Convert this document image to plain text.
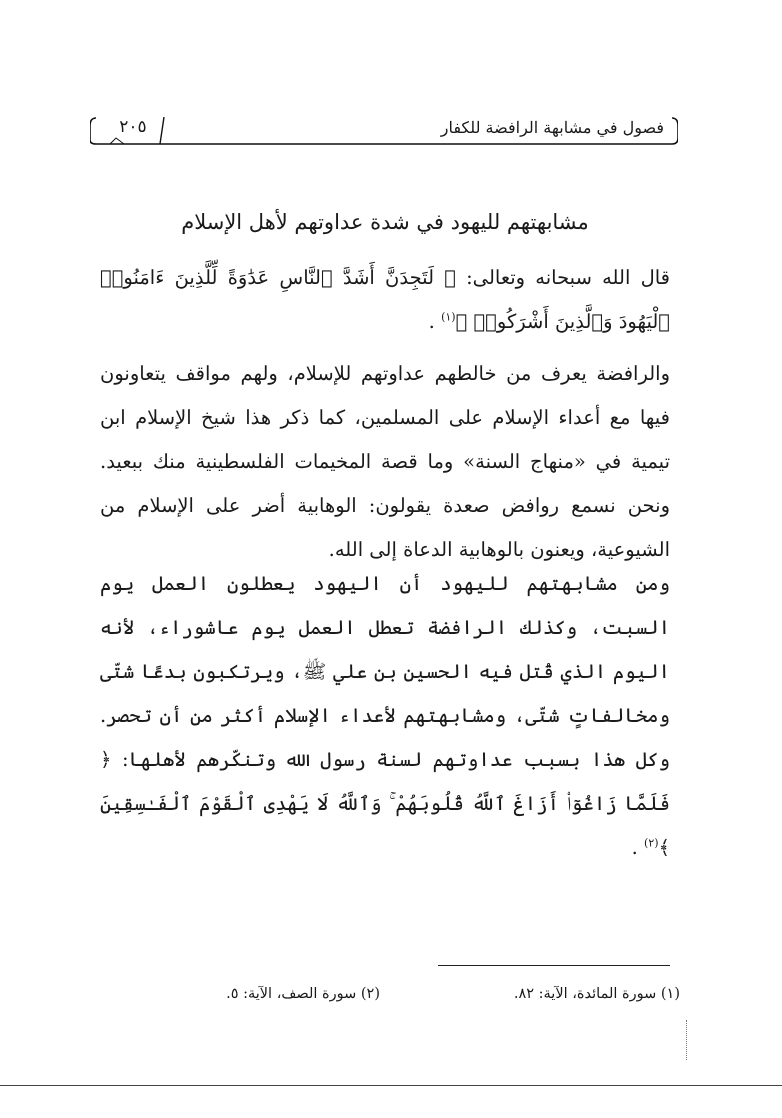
٢٠٥	فصول في مشابهة الرافضة للكفار
مشابهتهم لليهود في شدة عداوتهم لأهل الإسلام
قال الله سبحانه وتعالى: ﴿ لَتَجِدَنَّ أَشَدَّ ٱلنَّاسِ عَدَٰوَةً لِّلَّذِينَ ءَامَنُوا۟ ٱلْيَهُودَ وَٱلَّذِينَ أَشْرَكُوا۟ ﴾$^{(١)}$ .
والرافضة يعرف من خالطهم عداوتهم للإسلام، ولهم مواقف يتعاونون فيها مع أعداء الإسلام على المسلمين، كما ذكر هذا شيخ الإسلام ابن تيمية في «منهاج السنة» وما قصة المخيمات الفلسطينية منك ببعيد. ونحن نسمع روافض صعدة يقولون: الوهابية أضر على الإسلام من الشيوعية، ويعنون بالوهابية الدعاة إلى الله.
ومن مشابهتهم لليهود أن اليهود يعطلون العمل يوم السبت، وكذلك الرافضة تعطل العمل يوم عاشوراء، لأنه اليوم الذي قُتل فيه الحسين بن علي ﷺ، ويرتكبون بدعًا شتّى ومخالفاتٍ شتّى، ومشابهتهم لأعداء الإسلام أكثر من أن تحصر. وكل هذا بسبب عداوتهم لسنة رسول الله وتنكّرهم لأهلها: ﴿ فَلَمَّا زَاغُوٓا۟ أَزَاغَ ٱللَّهُ قُلُوبَهُمْ ۚ وَٱللَّهُ لَا يَهْدِى ٱلْقَوْمَ ٱلْفَـٰسِقِينَ ﴾$^{(٢)}$ .
(١) سورة المائدة، الآية: ٨٢.
(٢) سورة الصف، الآية: ٥.
